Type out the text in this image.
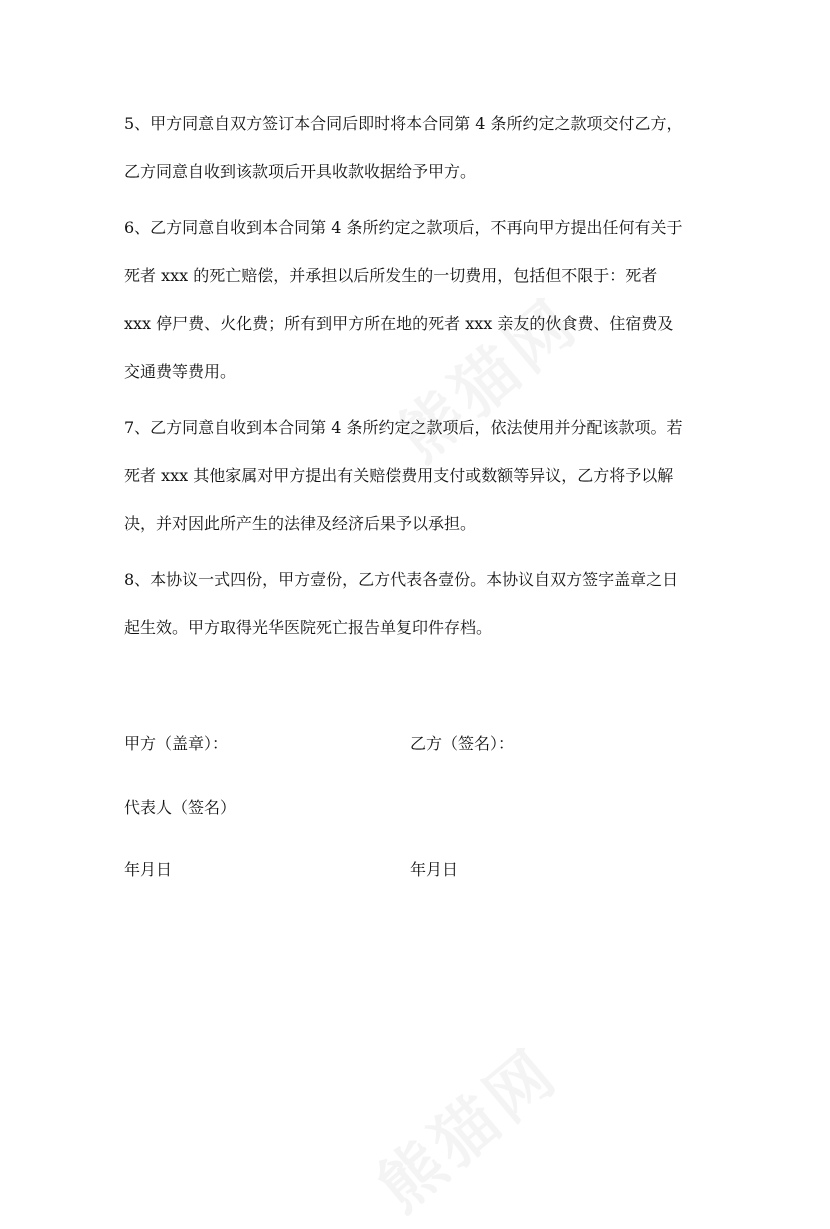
5、甲方同意自双方签订本合同后即时将本合同第 4 条所约定之款项交付乙方，
乙方同意自收到该款项后开具收款收据给予甲方。

6、乙方同意自收到本合同第 4 条所约定之款项后，不再向甲方提出任何有关于
死者 xxx 的死亡赔偿，并承担以后所发生的一切费用，包括但不限于：死者
xxx 停尸费、火化费；所有到甲方所在地的死者 xxx 亲友的伙食费、住宿费及
交通费等费用。

7、乙方同意自收到本合同第 4 条所约定之款项后，依法使用并分配该款项。若
死者 xxx 其他家属对甲方提出有关赔偿费用支付或数额等异议，乙方将予以解
决，并对因此所产生的法律及经济后果予以承担。

8、本协议一式四份，甲方壹份，乙方代表各壹份。本协议自双方签字盖章之日
起生效。甲方取得光华医院死亡报告单复印件存档。

甲方（盖章）：	乙方（签名）：
代表人（签名）
年月日	年月日
